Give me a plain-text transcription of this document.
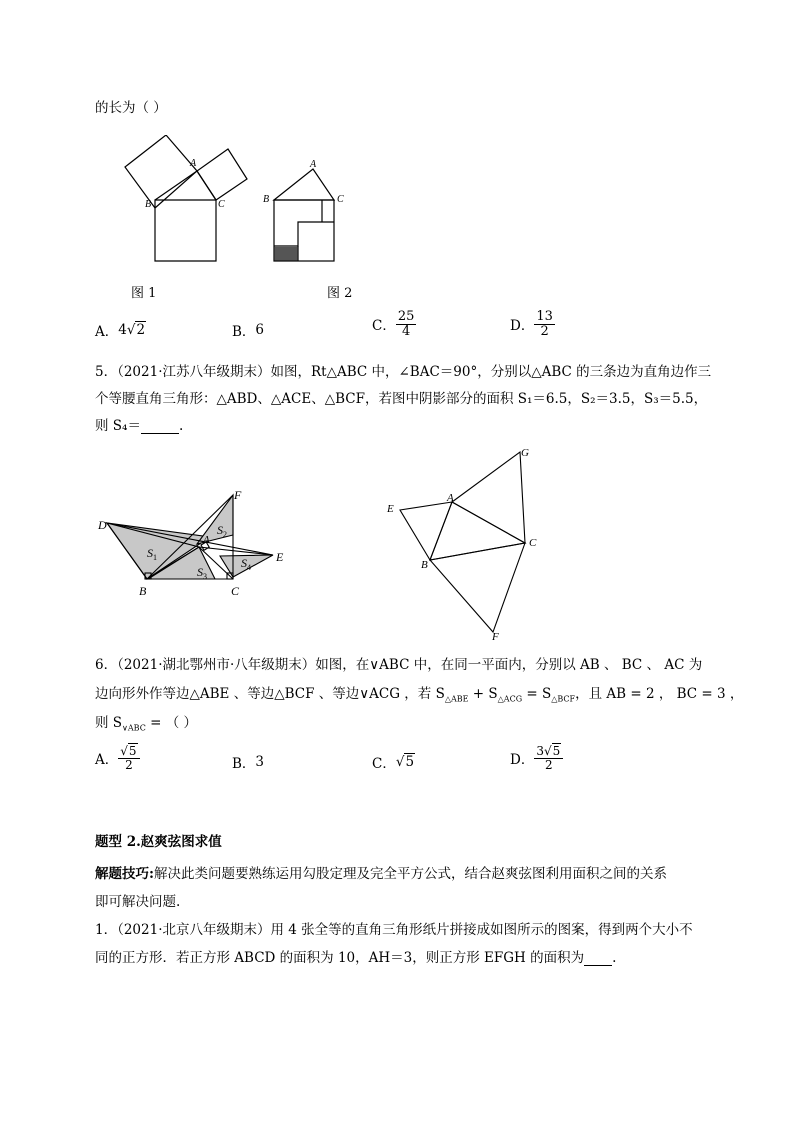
的长为（ ）
A
B	C
A
B	C
图 1	图 2
A． 4 √2	B． 6	C． $\frac{25}{4}$	D． $\frac{13}{2}$
5．（2021·江苏八年级期末）如图，Rt△ABC 中，∠BAC＝90°，分别以△ABC 的三条边为直角边作三
个等腰直角三角形：△ABD、△ACE、△BCF，若图中阴影部分的面积 S₁＝6.5，S₂＝3.5，S₃＝5.5，
则 S₄＝	.
D
F
A
E
B	C
$S_1$
$S_2$
$S_3$
$S_4$
G
A
E
C
B
F
6．（2021·湖北鄂州市·八年级期末）如图，在∨ABC 中，在同一平面内，分别以 AB 、 BC 、 AC 为
边向形外作等边△ABE 、等边△BCF 、等边∨ACG ，若 $S_{\triangle ABE} + S_{\triangle ACG} = S_{\triangle BCF}$，且 AB = 2 ， BC = 3 ，
则 $S_{\vee ABC}$ = （ ）
A． $\frac{√5}{2}$	B． 3	C． √5	D． $\frac{3√5}{2}$
题型 2.赵爽弦图求值
解题技巧:解决此类问题要熟练运用勾股定理及完全平方公式，结合赵爽弦图利用面积之间的关系
即可解决问题.
1．（2021·北京八年级期末）用 4 张全等的直角三角形纸片拼接成如图所示的图案，得到两个大小不
同的正方形．若正方形 ABCD 的面积为 10，AH＝3，则正方形 EFGH 的面积为 .
